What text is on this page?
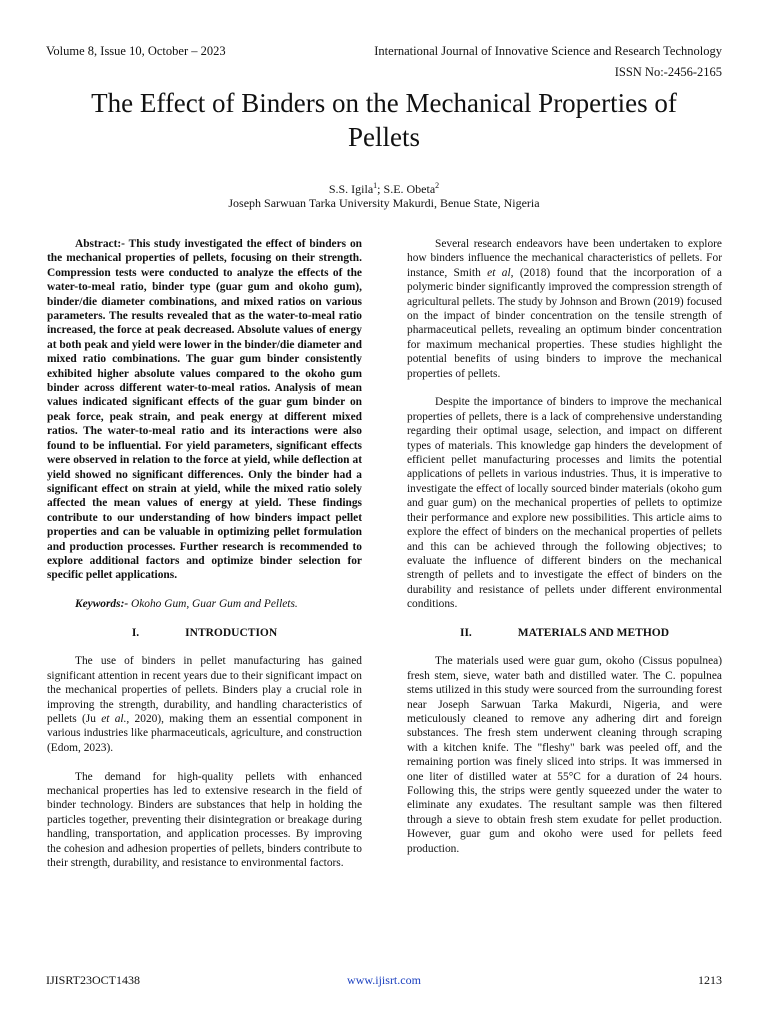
Volume 8, Issue 10, October – 2023	International Journal of Innovative Science and Research Technology
ISSN No:-2456-2165
The Effect of Binders on the Mechanical Properties of Pellets
S.S. Igila$^1$; S.E. Obeta$^2$
Joseph Sarwuan Tarka University Makurdi, Benue State, Nigeria

Abstract:- This study investigated the effect of binders on the mechanical properties of pellets, focusing on their strength. Compression tests were conducted to analyze the effects of the water-to-meal ratio, binder type (guar gum and okoho gum), binder/die diameter combinations, and mixed ratios on various parameters. The results revealed that as the water-to-meal ratio increased, the force at peak decreased. Absolute values of energy at both peak and yield were lower in the binder/die diameter and mixed ratio combinations. The guar gum binder consistently exhibited higher absolute values compared to the okoho gum binder across different water-to-meal ratios. Analysis of mean values indicated significant effects of the guar gum binder on peak force, peak strain, and peak energy at different mixed ratios. The water-to-meal ratio and its interactions were also found to be influential. For yield parameters, significant effects were observed in relation to the force at yield, while deflection at yield showed no significant differences. Only the binder had a significant effect on strain at yield, while the mixed ratio solely affected the mean values of energy at yield. These findings contribute to our understanding of how binders impact pellet properties and can be valuable in optimizing pellet formulation and production processes. Further research is recommended to explore additional factors and optimize binder selection for specific pellet applications.

Keywords:- Okoho Gum, Guar Gum and Pellets.

I.	INTRODUCTION

The use of binders in pellet manufacturing has gained significant attention in recent years due to their significant impact on the mechanical properties of pellets. Binders play a crucial role in improving the strength, durability, and handling characteristics of pellets (Ju et al., 2020), making them an essential component in various industries like pharmaceuticals, agriculture, and construction (Edom, 2023).

The demand for high-quality pellets with enhanced mechanical properties has led to extensive research in the field of binder technology. Binders are substances that help in holding the particles together, preventing their disintegration or breakage during handling, transportation, and application processes. By improving the cohesion and adhesion properties of pellets, binders contribute to their strength, durability, and resistance to environmental factors.

Several research endeavors have been undertaken to explore how binders influence the mechanical characteristics of pellets. For instance, Smith et al, (2018) found that the incorporation of a polymeric binder significantly improved the compression strength of agricultural pellets. The study by Johnson and Brown (2019) focused on the impact of binder concentration on the tensile strength of pharmaceutical pellets, revealing an optimum binder concentration for maximum mechanical properties. These studies highlight the potential benefits of using binders to improve the mechanical properties of pellets.

Despite the importance of binders to improve the mechanical properties of pellets, there is a lack of comprehensive understanding regarding their optimal usage, selection, and impact on different types of materials. This knowledge gap hinders the development of efficient pellet manufacturing processes and limits the potential applications of pellets in various industries. Thus, it is imperative to investigate the effect of locally sourced binder materials (okoho gum and guar gum) on the mechanical properties of pellets to optimize their performance and explore new possibilities. This article aims to explore the effect of binders on the mechanical properties of pellets and this can be achieved through the following objectives; to evaluate the influence of different binders on the mechanical strength of pellets and to investigate the effect of binders on the durability and resistance of pellets under different environmental conditions.

II.	MATERIALS AND METHOD

The materials used were guar gum, okoho (Cissus populnea) fresh stem, sieve, water bath and distilled water. The C. populnea stems utilized in this study were sourced from the surrounding forest near Joseph Sarwuan Tarka Makurdi, Nigeria, and were meticulously cleaned to remove any adhering dirt and foreign substances. The fresh stem underwent cleaning through scraping with a kitchen knife. The "fleshy" bark was peeled off, and the remaining portion was finely sliced into strips. It was immersed in one liter of distilled water at 55°C for a duration of 24 hours. Following this, the strips were gently squeezed under the water to eliminate any exudates. The resultant sample was then filtered through a sieve to obtain fresh stem exudate for pellet production. However, guar gum and okoho were used for pellets feed production.

IJISRT23OCT1438	www.ijisrt.com	1213
